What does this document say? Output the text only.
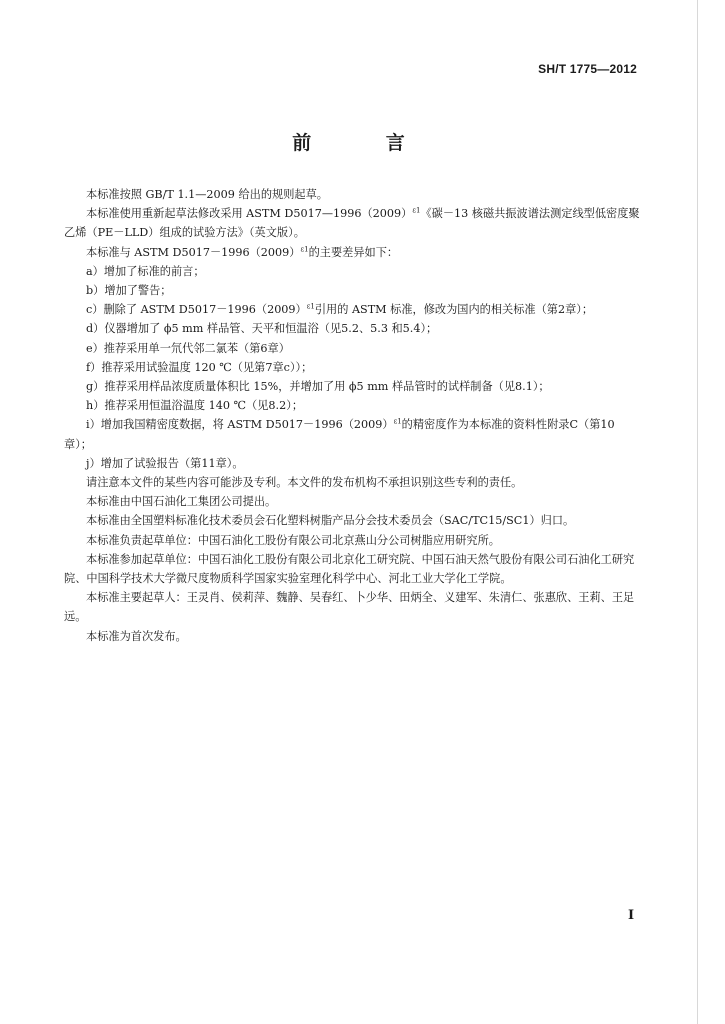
SH/T 1775—2012
前 言

本标准按照 GB/T 1.1—2009 给出的规则起草。

本标准使用重新起草法修改采用 ASTM $D5017—1996(2009)^{\varepsilon 1}$《碳－13 核磁共振波谱法测定线型低密度聚乙烯（PE－LLD）组成的试验方法》（英文版）。

本标准与 ASTM $D5017-1996(2009)^{\varepsilon 1}$的主要差异如下：

a）增加了标准的前言；

b）增加了警告；

c）删除了 ASTM $D5017-1996(2009)^{\varepsilon 1}$引用的 ASTM 标准，修改为国内的相关标准（第2章）；

d）仪器增加了 ϕ5 mm 样品管、天平和恒温浴（见5.2、5.3 和5.4）；

e）推荐采用单一氘代邻二氯苯（第6章）

f）推荐采用试验温度 120 ℃（见第7章c））；

g）推荐采用样品浓度质量体积比 15%，并增加了用 ϕ5 mm 样品管时的试样制备（见8.1）；

h）推荐采用恒温浴温度 140 ℃（见8.2）；

i）增加我国精密度数据，将 ASTM $D5017-1996(2009)^{\varepsilon 1}$的精密度作为本标准的资料性附录C（第10章）；

j）增加了试验报告（第11章）。

请注意本文件的某些内容可能涉及专利。本文件的发布机构不承担识别这些专利的责任。

本标准由中国石油化工集团公司提出。

本标准由全国塑料标准化技术委员会石化塑料树脂产品分会技术委员会（SAC/TC15/SC1）归口。

本标准负责起草单位：中国石油化工股份有限公司北京燕山分公司树脂应用研究所。

本标准参加起草单位：中国石油化工股份有限公司北京化工研究院、中国石油天然气股份有限公司石油化工研究院、中国科学技术大学微尺度物质科学国家实验室理化科学中心、河北工业大学化工学院。

本标准主要起草人：王灵肖、侯莉萍、魏静、吴春红、卜少华、田炳全、义建军、朱清仁、张惠欣、王莉、王足远。

本标准为首次发布。

I
